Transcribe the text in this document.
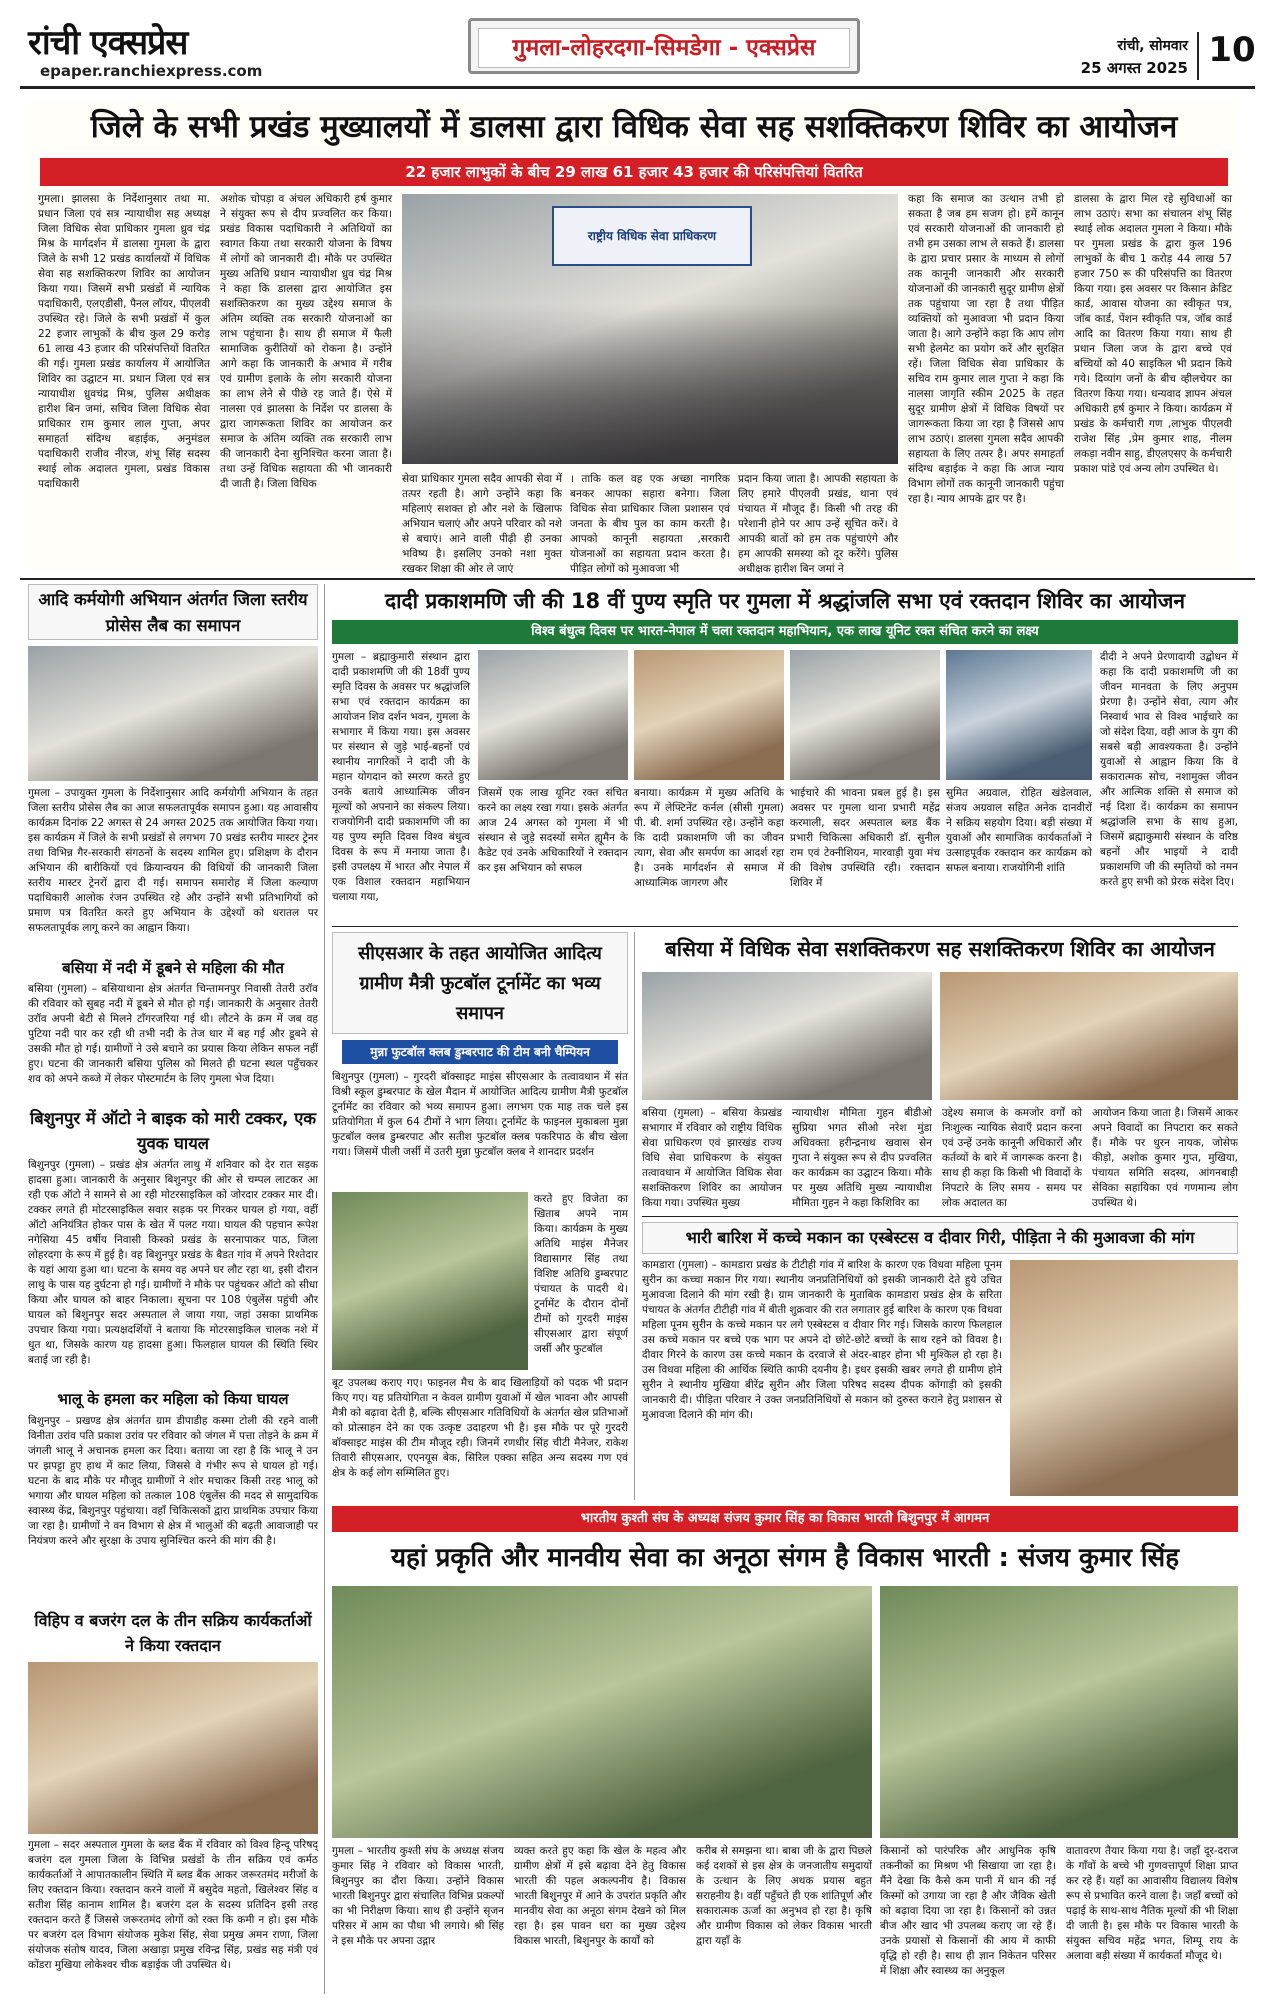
रांची एक्सप्रेस
epaper.ranchiexpress.com
गुमला-लोहरदगा-सिमडेगा - एक्सप्रेस	रांची, सोमवार
25 अगस्त 2025 10
जिले के सभी प्रखंड मुख्यालयों में डालसा द्वारा विधिक सेवा सह सशक्तिकरण शिविर का आयोजन
22 हजार लाभुकों के बीच 29 लाख 61 हजार 43 हजार की परिसंपत्तियां वितरित
गुमला। झालसा के निर्देशानुसार तथा मा. प्रधान जिला एवं सत्र न्यायाधीश सह अध्यक्ष जिला विधिक सेवा प्राधिकार गुमला ध्रुव चंद्र मिश्र के मार्गदर्शन में डालसा गुमला के द्वारा जिले के सभी 12 प्रखंड कार्यालयों में विधिक सेवा सह सशक्तिकरण शिविर का आयोजन किया गया। जिसमें सभी प्रखंडों में न्यायिक पदाधिकारी, एलएडीसी, पैनल लॉयर, पीएलवी उपस्थित रहे। जिले के सभी प्रखंडों में कुल 22 हजार लाभुकों के बीच कुल 29 करोड़ 61 लाख 43 हजार की परिसंपत्तियों वितरित की गई। गुमला प्रखंड कार्यालय में आयोजित शिविर का उद्घाटन मा. प्रधान जिला एवं सत्र न्यायाधीश ध्रुवचंद्र मिश्र, पुलिस अधीक्षक हारीश बिन जमां, सचिव जिला विधिक सेवा प्राधिकार राम कुमार लाल गुप्ता, अपर समाहर्ता संदिग्ध बड़ाईक, अनुमंडल पदाधिकारी राजीव नीरज, शंभू सिंह सदस्य स्थाई लोक अदालत गुमला, प्रखंड विकास पदाधिकारी
अशोक चोपड़ा व अंचल अधिकारी हर्ष कुमार ने संयुक्त रूप से दीप प्रज्वलित कर किया। प्रखंड विकास पदाधिकारी ने अतिथियों का स्वागत किया तथा सरकारी योजना के विषय में लोगों को जानकारी दी। मौके पर उपस्थित मुख्य अतिथि प्रधान न्यायाधीश ध्रुव चंद्र मिश्र ने कहा कि डालसा द्वारा आयोजित इस सशक्तिकरण का मुख्य उद्देश्य समाज के अंतिम व्यक्ति तक सरकारी योजनाओं का लाभ पहुंचाना है। साथ ही समाज में फैली सामाजिक कुरीतियों को रोकना है। उन्होंने आगे कहा कि जानकारी के अभाव में गरीब एवं ग्रामीण इलाके के लोग सरकारी योजना का लाभ लेने से पीछे रह जाते हैं। ऐसे में नालसा एवं झालसा के निर्देश पर डालसा के द्वारा जागरूकता शिविर का आयोजन कर समाज के अंतिम व्यक्ति तक सरकारी लाभ की जानकारी देना सुनिश्चित करना जाता है। तथा उन्हें विधिक सहायता की भी जानकारी दी जाती है। जिला विधिक
राष्ट्रीय विधिक सेवा प्राधिकरण
सेवा प्राधिकार गुमला सदैव आपकी सेवा में तत्पर रहती है। आगे उन्होंने कहा कि महिलाएं सशक्त हो और नशे के खिलाफ अभियान चलाएं और अपने परिवार को नशे से बचाएं। आने वाली पीढ़ी ही उनका भविष्य है। इसलिए उनको नशा मुक्त रखकर शिक्षा की ओर ले जाएं
। ताकि कल वह एक अच्छा नागरिक बनकर आपका सहारा बनेगा। जिला विधिक सेवा प्राधिकार जिला प्रशासन एवं जनता के बीच पुल का काम करती है। आपको कानूनी सहायता ,सरकारी योजनाओं का सहायता प्रदान करता है। पीड़ित लोगों को मुआवजा भी
प्रदान किया जाता है। आपकी सहायता के लिए हमारे पीएलवी प्रखंड, थाना एवं पंचायत में मौजूद हैं। किसी भी तरह की परेशानी होने पर आप उन्हें सूचित करें। वे आपकी बातों को हम तक पहुंचाएंगे और हम आपकी समस्या को दूर करेंगे। पुलिस अधीक्षक हारीश बिन जमां ने
कहा कि समाज का उत्थान तभी हो सकता है जब हम सजग हो। हमें कानून एवं सरकारी योजनाओं की जानकारी हो तभी हम उसका लाभ ले सकते हैं। डालसा के द्वारा प्रचार प्रसार के माध्यम से लोगों तक कानूनी जानकारी और सरकारी योजनाओं की जानकारी सुदूर ग्रामीण क्षेत्रों तक पहुंचाया जा रहा है तथा पीड़ित व्यक्तियों को मुआवजा भी प्रदान किया जाता है। आगे उन्होंने कहा कि आप लोग सभी हेलमेट का प्रयोग करें और सुरक्षित रहें। जिला विधिक सेवा प्राधिकार के सचिव राम कुमार लाल गुप्ता ने कहा कि नालसा जागृति स्कीम 2025 के तहत सुदूर ग्रामीण क्षेत्रों में विधिक विषयों पर जागरूकता किया जा रहा है जिससे आप लाभ उठाएं। डालसा गुमला सदैव आपकी सहायता के लिए तत्पर है। अपर समाहर्ता संदिग्ध बड़ाईक ने कहा कि आज न्याय विभाग लोगों तक कानूनी जानकारी पहुंचा रहा है। न्याय आपके द्वार पर है।
डालसा के द्वारा मिल रहे सुविधाओं का लाभ उठाएं। सभा का संचालन शंभू सिंह स्थाई लोक अदालत गुमला ने किया। मौके पर गुमला प्रखंड के द्वारा कुल 196 लाभुकों के बीच 1 करोड़ 44 लाख 57 हजार 750 रू की परिसंपत्ति का वितरण किया गया। इस अवसर पर किसान क्रेडिट कार्ड, आवास योजना का स्वीकृत पत्र, जॉब कार्ड, पेंशन स्वीकृति पत्र, जॉब कार्ड आदि का वितरण किया गया। साथ ही प्रधान जिला जज के द्वारा बच्चे एवं बच्चियों को 40 साइकिल भी प्रदान किये गये। दिव्यांग जनों के बीच व्हीलचेयर का वितरण किया गया। धन्यवाद ज्ञापन अंचल अधिकारी हर्ष कुमार ने किया। कार्यक्रम में प्रखंड के कर्मचारी गण ,लाभुक पीएलवी राजेश सिंह ,प्रेम कुमार शाह, नीलम लकड़ा नवीन साहु, डीएलएसए के कर्मचारी प्रकाश पांडे एवं अन्य लोग उपस्थित थे।
आदि कर्मयोगी अभियान अंतर्गत जिला स्तरीय प्रोसेस लैब का समापन
गुमला – उपायुक्त गुमला के निर्देशानुसार आदि कर्मयोगी अभियान के तहत जिला स्तरीय प्रोसेस लैब का आज सफलतापूर्वक समापन हुआ। यह आवासीय कार्यक्रम दिनांक 22 अगस्त से 24 अगस्त 2025 तक आयोजित किया गया। इस कार्यक्रम में जिले के सभी प्रखंडों से लगभग 70 प्रखंड स्तरीय मास्टर ट्रेनर तथा विभिन्न गैर-सरकारी संगठनों के सदस्य शामिल हुए। प्रशिक्षण के दौरान अभियान की बारीकियों एवं क्रियान्वयन की विधियों की जानकारी जिला स्तरीय मास्टर ट्रेनरों द्वारा दी गई। समापन समारोह में जिला कल्याण पदाधिकारी आलोक रंजन उपस्थित रहे और उन्होंने सभी प्रतिभागियों को प्रमाण पत्र वितरित करते हुए अभियान के उद्देश्यों को धरातल पर सफलतापूर्वक लागू करने का आह्वान किया।
बसिया में नदी में डूबने से महिला की मौत
बसिया (गुमला) – बसियाथाना क्षेत्र अंतर्गत चिन्तामनपुर निवासी तेतरी उरॉव की रविवार को सुबह नदी में डूबने से मौत हो गई। जानकारी के अनुसार तेतरी उरॉव अपनी बेटी से मिलने टाँगरजरिया गई थी। लौटने के क्रम में जब वह पुटिया नदी पार कर रही थी तभी नदी के तेज धार में बह गई और डूबने से उसकी मौत हो गई। ग्रामीणों ने उसे बचाने का प्रयास किया लेकिन सफल नहीं हुए। घटना की जानकारी बसिया पुलिस को मिलते ही घटना स्थल पहुँचकर शव को अपने कब्जे में लेकर पोस्टमार्टम के लिए गुमला भेज दिया।
बिशुनपुर में ऑटो ने बाइक को मारी टक्कर, एक युवक घायल
बिशुनपुर (गुमला) – प्रखंड क्षेत्र अंतर्गत लाथु में शनिवार को देर रात सड़क हादसा हुआ। जानकारी के अनुसार बिशुनपुर की ओर से चम्पल लाटकर आ रही एक ऑटो ने सामने से आ रही मोटरसाइकिल को जोरदार टक्कर मार दी। टक्कर लगते ही मोटरसाइकिल सवार सड़क पर गिरकर घायल हो गया, वहीं ऑटो अनियंत्रित होकर पास के खेत में पलट गया। घायल की पहचान रूपेश नगेसिया 45 वर्षीय निवासी किस्को प्रखंड के सरनापाकर पाठ, जिला लोहरदगा के रूप में हुई है। वह बिशुनपुर प्रखंड के बैडत गांव में अपने रिश्तेदार के यहां आया हुआ था। घटना के समय वह अपने घर लौट रहा था, इसी दौरान लाथु के पास यह दुर्घटना हो गई। ग्रामीणों ने मौके पर पहुंचकर ऑटो को सीधा किया और घायल को बाहर निकाला। सूचना पर 108 एंबुलेंस पहुंची और घायल को बिशुनपुर सदर अस्पताल ले जाया गया, जहां उसका प्राथमिक उपचार किया गया। प्रत्यक्षदर्शियों ने बताया कि मोटरसाइकिल चालक नशे में धुत था, जिसके कारण यह हादसा हुआ। फिलहाल घायल की स्थिति स्थिर बताई जा रही है।
भालू के हमला कर महिला को किया घायल
बिशुनपुर – प्रखण्ड क्षेत्र अंतर्गत ग्राम डीपाडीह कस्मा टोली की रहने वाली विनीता उरांव पति प्रकाश उरांव पर रविवार को जंगल में पत्ता तोड़ने के क्रम में जंगली भालू ने अचानक हमला कर दिया। बताया जा रहा है कि भालू ने उन पर झपट्टा हुए हाथ में काट लिया, जिससे वे गंभीर रूप से घायल हो गई। घटना के बाद मौके पर मौजूद ग्रामीणों ने शोर मचाकर किसी तरह भालू को भगाया और घायल महिला को तत्काल 108 एंबुलेंस की मदद से सामुदायिक स्वास्थ्य केंद्र, बिशुनपुर पहुंचाया। वहाँ चिकित्सकों द्वारा प्राथमिक उपचार किया जा रहा है। ग्रामीणों ने वन विभाग से क्षेत्र में भालुओं की बढ़ती आवाजाही पर नियंत्रण करने और सुरक्षा के उपाय सुनिश्चित करने की मांग की है।
विहिप व बजरंग दल के तीन सक्रिय कार्यकर्ताओं ने किया रक्तदान
गुमला – सदर अस्पताल गुमला के ब्लड बैंक में रविवार को विश्व हिन्दू परिषद् बजरंग दल गुमला जिला के विभिन्न प्रखंडों के तीन सक्रिय एवं कर्मठ कार्यकर्ताओं ने आपातकालीन स्थिति में ब्लड बैंक आकर जरूरतमंद मरीजों के लिए रक्तदान किया। रक्तदान करने वालों में बसुदेव महतो, खिलेश्वर सिंह व सतीश सिंह कानाम शामिल है। बजरंग दल के सदस्य प्रतिदिन इसी तरह रक्तदान करते हैं जिससे जरूरतमंद लोगों को रक्त कि कमी न हो। इस मौके पर बजरंग दल विभाग संयोजक मुकेश सिंह, सेवा प्रमुख अमन राणा, जिला संयोजक संतोष यादव, जिला अखाड़ा प्रमुख रविन्द्र सिंह, प्रखंड सह मंत्री एवं कोंडरा मुखिया लोकेश्वर चीक बड़ाईक जी उपस्थित थे।
दादी प्रकाशमणि जी की 18 वीं पुण्य स्मृति पर गुमला में श्रद्धांजलि सभा एवं रक्तदान शिविर का आयोजन
विश्व बंधुत्व दिवस पर भारत-नेपाल में चला रक्तदान महाभियान, एक लाख यूनिट रक्त संचित करने का लक्ष्य
गुमला – ब्रह्माकुमारी संस्थान द्वारा दादी प्रकाशमणि जी की 18वीं पुण्य स्मृति दिवस के अवसर पर श्रद्धांजलि सभा एवं रक्तदान कार्यक्रम का आयोजन शिव दर्शन भवन, गुमला के सभागार में किया गया। इस अवसर पर संस्थान से जुड़े भाई-बहनों एवं स्थानीय नागरिकों ने दादी जी के महान योगदान को स्मरण करते हुए उनके बताये आध्यात्मिक जीवन मूल्यों को अपनाने का संकल्प लिया। राजयोगिनी दादी प्रकाशमणि जी का यह पुण्य स्मृति दिवस विश्व बंधुत्व दिवस के रूप में मनाया जाता है। इसी उपलक्ष्य में भारत और नेपाल में एक विशाल रक्तदान महाभियान चलाया गया,
जिसमें एक लाख यूनिट रक्त संचित करने का लक्ष्य रखा गया। इसके अंतर्गत आज 24 अगस्त को गुमला में भी संस्थान से जुड़े सदस्यों समेत ह्यूमैन के कैडेट एवं उनके अधिकारियों ने रक्तदान कर इस अभियान को सफल
बनाया। कार्यक्रम में मुख्य अतिथि के रूप में लेफ्टिनेंट कर्नल (सीसी गुमला) पी. बी. शर्मा उपस्थित रहे। उन्होंने कहा कि दादी प्रकाशमणि जी का जीवन त्याग, सेवा और समर्पण का आदर्श रहा है। उनके मार्गदर्शन से समाज में आध्यात्मिक जागरण और
भाईचारे की भावना प्रबल हुई है। इस अवसर पर गुमला थाना प्रभारी महेंद्र करमाली, सदर अस्पताल ब्लड बैंक प्रभारी चिकित्सा अधिकारी डॉ. सुनील राम एवं टेक्नीशियन, मारवाड़ी युवा मंच की विशेष उपस्थिति रही। रक्तदान शिविर में
सुमित अग्रवाल, रोहित खंडेलवाल, संजय अग्रवाल सहित अनेक दानवीरों ने सक्रिय सहयोग दिया। बड़ी संख्या में युवाओं और सामाजिक कार्यकर्ताओं ने उत्साहपूर्वक रक्तदान कर कार्यक्रम को सफल बनाया। राजयोगिनी शांति
दीदी ने अपने प्रेरणादायी उद्बोधन में कहा कि दादी प्रकाशमणि जी का जीवन मानवता के लिए अनुपम प्रेरणा है। उन्होंने सेवा, त्याग और निस्वार्थ भाव से विश्व भाईचारे का जो संदेश दिया, वही आज के युग की सबसे बड़ी आवश्यकता है। उन्होंने युवाओं से आह्वान किया कि वे सकारात्मक सोच, नशामुक्त जीवन और आत्मिक शक्ति से समाज को नई दिशा दें। कार्यक्रम का समापन श्रद्धांजलि सभा के साथ हुआ, जिसमें ब्रह्माकुमारी संस्थान के वरिष्ठ बहनों और भाइयों ने दादी प्रकाशमणि जी की स्मृतियों को नमन करते हुए सभी को प्रेरक संदेश दिए।
सीएसआर के तहत आयोजित आदित्य ग्रामीण मैत्री फुटबॉल टूर्नामेंट का भव्य समापन
मुन्ना फुटबॉल क्लब डुम्बरपाट की टीम बनी चैम्पियन
बिशुनपुर (गुमला) – गुरदरी बॉक्साइट माइंस सीएसआर के तत्वावधान में संत विश्री स्कूल डुम्बरपाट के खेल मैदान में आयोजित आदित्य ग्रामीण मैत्री फुटबॉल टूर्नामेंट का रविवार को भव्य समापन हुआ। लगभग एक माह तक चले इस प्रतियोगिता में कुल 64 टीमों ने भाग लिया। टूर्नामेंट के फाइनल मुकाबला मुन्ना फुटबॉल क्लब डुम्बरपाट और सतीश फुटबॉल क्लब पकरिपाठ के बीच खेला गया। जिसमें पीली जर्सी में उतरी मुन्ना फुटबॉल क्लब ने शानदार प्रदर्शन
करते हुए विजेता का खिताब अपने नाम किया। कार्यक्रम के मुख्य अतिथि माइंस मैनेजर विद्यासागर सिंह तथा विशिष्ट अतिथि डुम्बरपाट पंचायत के पादरी थे। टूर्नामेंट के दौरान दोनों टीमों को गुरदरी माइंस सीएसआर द्वारा संपूर्ण जर्सी और फुटबॉल
बूट उपलब्ध कराए गए। फाइनल मैच के बाद खिलाड़ियों को पदक भी प्रदान किए गए। यह प्रतियोगिता न केवल ग्रामीण युवाओं में खेल भावना और आपसी मैत्री को बढ़ावा देती है, बल्कि सीएसआर गतिविधियों के अंतर्गत खेल प्रतिभाओं को प्रोत्साहन देने का एक उत्कृष्ट उदाहरण भी है। इस मौके पर पूरे गुरदरी बॉक्साइट माइंस की टीम मौजूद रही। जिनमें रणधीर सिंह चीटी मैनेजर, राकेश तिवारी सीएसआर, एएनयूस बेक, सिरिल एक्का सहित अन्य सदस्य गण एवं क्षेत्र के कई लोग सम्मिलित हुए।
बसिया में विधिक सेवा सशक्तिकरण सह सशक्तिकरण शिविर का आयोजन
बसिया (गुमला) – बसिया केप्रखंड सभागार में रविवार को राष्ट्रीय विधिक सेवा प्राधिकरण एवं झारखंड राज्य विधि सेवा प्राधिकरण के संयुक्त तत्वावधान में आयोजित विधिक सेवा सशक्तिकरण शिविर का आयोजन किया गया। उपस्थित मुख्य
न्यायाधीश मौमिता गुहन बीडीओ सुप्रिया भगत सीओ नरेश मुंडा अधिवक्ता हरीन्द्रनाथ खवास सेन गुप्ता ने संयुक्त रूप से दीप प्रज्वलित कर कार्यक्रम का उद्घाटन किया। मौके पर मुख्य अतिथि मुख्य न्यायाधीश मौमिता गुहन ने कहा किशिविर का
उद्देश्य समाज के कमजोर वर्गों को निःशुल्क न्यायिक सेवाएँ प्रदान करना एवं उन्हें उनके कानूनी अधिकारों और कर्तव्यों के बारे में जागरूक करना है। साथ ही कहा कि किसी भी विवादों के निपटारे के लिए समय - समय पर लोक अदालत का
आयोजन किया जाता है। जिसमें आकर अपने विवादों का निपटारा कर सकते हैं। मौके पर धुरन नायक, जोसेफ कीड़ो, अशोक कुमार गुप्त, मुखिया, पंचायत समिति सदस्य, आंगनबाड़ी सेविका सहायिका एवं गणमान्य लोग उपस्थित थे।
भारी बारिश में कच्चे मकान का एस्बेस्टस व दीवार गिरी, पीड़िता ने की मुआवजा की मांग
कामडारा (गुमला) – कामडारा प्रखंड के टीटीही गांव में बारिश के कारण एक विधवा महिला पूनम सुरीन का कच्चा मकान गिर गया। स्थानीय जनप्रतिनिधियों को इसकी जानकारी देते हुये उचित मुआवजा दिलाने की मांग रखी है। ग्राम जानकारी के मुताबिक कामडारा प्रखंड क्षेत्र के सरिता पंचायत के अंतर्गत टीटीही गांव में बीती शुक्रवार की रात लगातार हुई बारिश के कारण एक विधवा महिला पूनम सुरीन के कच्चे मकान पर लगे एस्बेस्टस व दीवार गिर गई। जिसके कारण फिलहाल उस कच्चे मकान पर बच्चे एक भाग पर अपने दो छोटे-छोटे बच्चों के साथ रहने को विवश है। दीवार गिरने के कारण उस कच्चे मकान के दरवाजे से अंदर-बाहर होना भी मुश्किल हो रहा है। उस विधवा महिला की आर्थिक स्थिति काफी दयनीय है। इधर इसकी खबर लगते ही ग्रामीण होने सुरीन ने स्थानीय मुखिया बीरेंद्र सुरीन और जिला परिषद सदस्य दीपक कोंगाड़ी को इसकी जानकारी दी। पीड़िता परिवार ने उक्त जनप्रतिनिधियों से मकान को दुरुस्त कराने हेतु प्रशासन से मुआवजा दिलाने की मांग की।
भारतीय कुश्ती संघ के अध्यक्ष संजय कुमार सिंह का विकास भारती बिशुनपुर में आगमन
यहां प्रकृति और मानवीय सेवा का अनूठा संगम है विकास भारती : संजय कुमार सिंह
गुमला – भारतीय कुश्ती संघ के अध्यक्ष संजय कुमार सिंह ने रविवार को विकास भारती, बिशुनपुर का दौरा किया। उन्होंने विकास भारती बिशुनपुर द्वारा संचालित विभिन्न प्रकल्पों का भी निरीक्षण किया। साथ ही उन्होंने सृजन परिसर में आम का पौधा भी लगाये। श्री सिंह ने इस मौके पर अपना उद्गार
व्यक्त करते हुए कहा कि खेल के महत्व और ग्रामीण क्षेत्रों में इसे बढ़ावा देने हेतु विकास भारती की पहल अकल्पनीय है। विकास भारती बिशुनपुर में आने के उपरांत प्रकृति और मानवीय सेवा का अनूठा संगम देखने को मिल रहा है। इस पावन धरा का मुख्य उद्देश्य विकास भारती, बिशुनपुर के कार्यों को
करीब से समझना था। बाबा जी के द्वारा पिछले कई दशकों से इस क्षेत्र के जनजातीय समुदायों के उत्थान के लिए अथक प्रयास बहुत सराहनीय है। वहीं पहुँचते ही एक शांतिपूर्ण और सकारात्मक ऊर्जा का अनुभव हो रहा है। कृषि और ग्रामीण विकास को लेकर विकास भारती द्वारा यहाँ के
किसानों को पारंपरिक और आधुनिक कृषि तकनीकों का मिश्रण भी सिखाया जा रहा है। मैंने देखा कि कैसे कम पानी में धान की नई किस्मों को उगाया जा रहा है और जैविक खेती को बढ़ावा दिया जा रहा है। किसानों को उन्नत बीज और खाद भी उपलब्ध कराए जा रहे हैं। उनके प्रयासों से किसानों की आय में काफी वृद्धि हो रही है। साथ ही ज्ञान निकेतन परिसर में शिक्षा और स्वास्थ्य का अनुकूल
वातावरण तैयार किया गया है। जहाँ दूर-दराज के गाँवों के बच्चे भी गुणवत्तापूर्ण शिक्षा प्राप्त कर रहे हैं। यहाँ का आवासीय विद्यालय विशेष रूप से प्रभावित करने वाला है। जहाँ बच्चों को पढ़ाई के साथ-साथ नैतिक मूल्यों की भी शिक्षा दी जाती है। इस मौके पर विकास भारती के संयुक्त सचिव महेंद्र भगत, शिम्पू राय के अलावा बड़ी संख्या में कार्यकर्ता मौजूद थे।
